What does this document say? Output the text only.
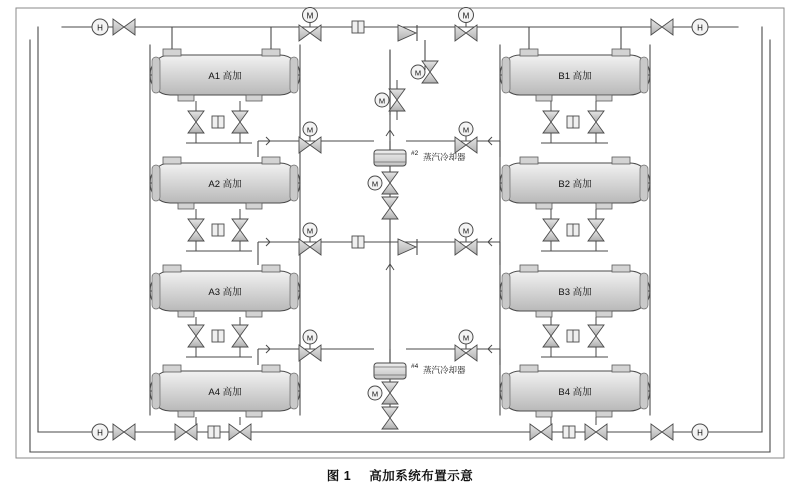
A1 高加
A2 高加
A3 高加
A4 高加
B1 高加
B2 高加
B3 高加
B4 高加
#2 蒸汽冷却器
#4 蒸汽冷却器
H	H
H	H
M	M
M
M
M	M
M
M	M
M	M
M
图 1 高加系统布置示意
